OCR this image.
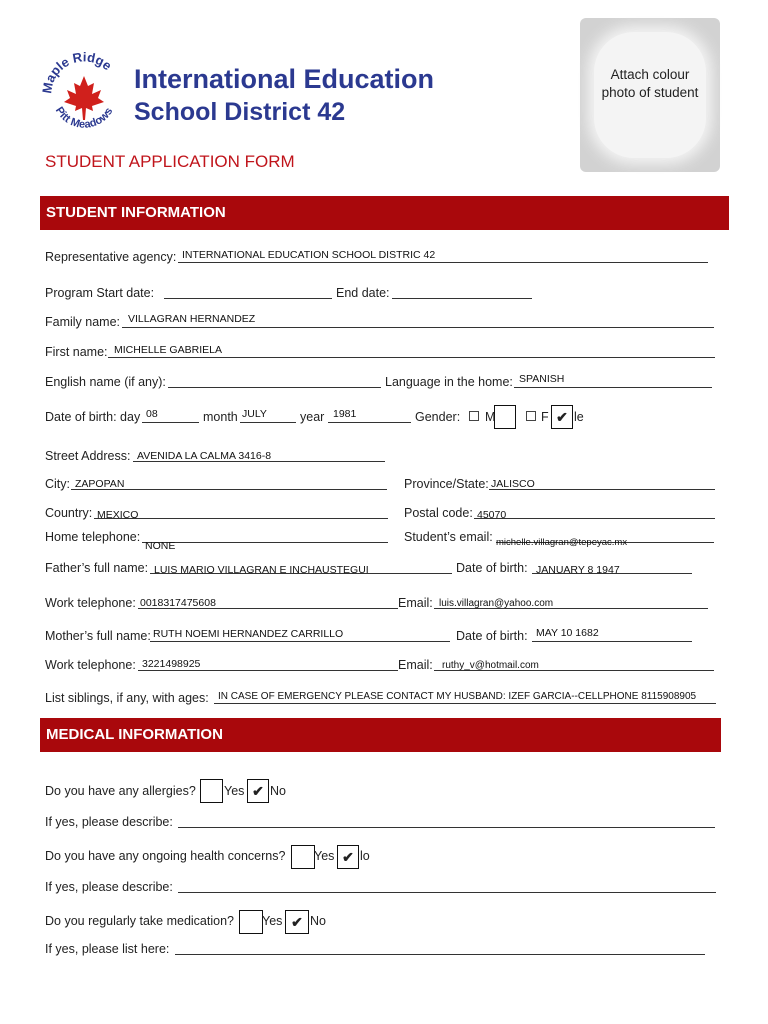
aple Ridge
Pitt Meadows
International Education
School District 42
STUDENT APPLICATION FORM
Attach colour photo of student
STUDENT INFORMATION
Representative agency: INTERNATIONAL EDUCATION SCHOOL DISTRIC 42
Program Start date:	End date:
Family name: VILLAGRAN HERNANDEZ
First name: MICHELLE GABRIELA
English name (if any):	Language in the home: SPANISH
Date of birth: day 08	month JULY	year 1981	Gender: M	F ✔ le
Street Address: AVENIDA LA CALMA 3416-8
City: ZAPOPAN	Province/State: JALISCO
Country: MEXICO	Postal code: 45070
Home telephone:
NONE
Student’s email: michelle.villagran@tepeyac.mx
Father’s full name: LUIS MARIO VILLAGRAN E INCHAUSTEGUI	Date of birth: JANUARY 8 1947
Work telephone: 0018317475608	Email: luis.villagran@yahoo.com
Mother’s full name: RUTH NOEMI HERNANDEZ CARRILLO	Date of birth: MAY 10 1682
Work telephone: 3221498925	Email: ruthy_v@hotmail.com
List siblings, if any, with ages: IN CASE OF EMERGENCY PLEASE CONTACT MY HUSBAND: IZEF GARCIA--CELLPHONE 8115908905
MEDICAL INFORMATION
Do you have any allergies? Yes ✔ No
If yes, please describe:
Do you have any ongoing health concerns? Yes ✔ lo
If yes, please describe:
Do you regularly take medication? Yes ✔ No
If yes, please list here:
